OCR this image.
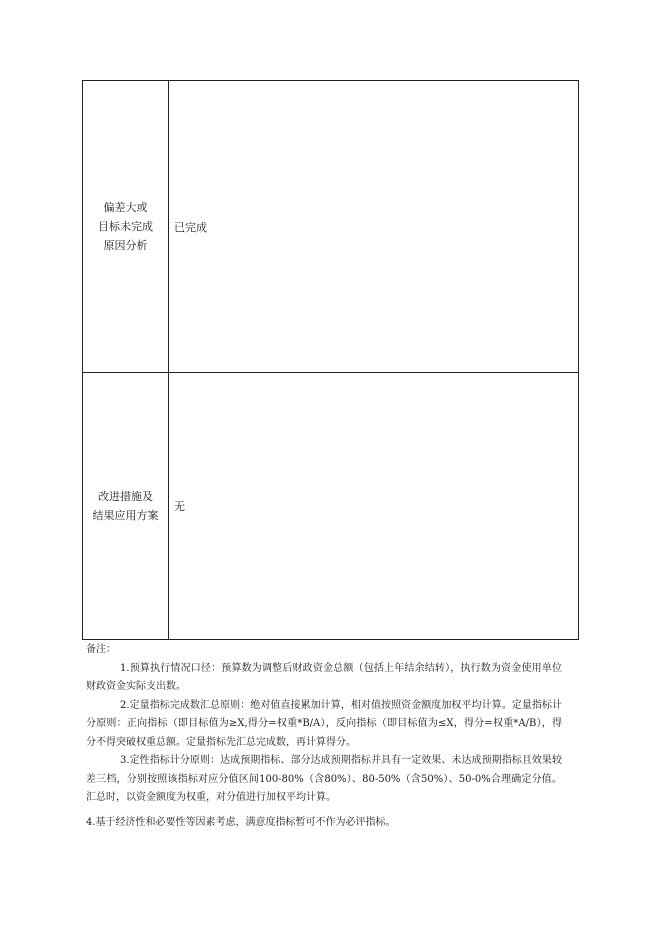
偏差大或
目标未完成
原因分析	已完成

改进措施及
结果应用方案	无

备注：

1.预算执行情况口径：预算数为调整后财政资金总额（包括上年结余结转），执行数为资金使用单位财政资金实际支出数。

2.定量指标完成数汇总原则：绝对值直接累加计算，相对值按照资金额度加权平均计算。定量指标计分原则：正向指标（即目标值为≥X,得分=权重*B/A），反向指标（即目标值为≤X，得分=权重*A/B），得分不得突破权重总额。定量指标先汇总完成数，再计算得分。

3.定性指标计分原则：达成预期指标、部分达成预期指标并具有一定效果、未达成预期指标且效果较差三档，分别按照该指标对应分值区间100-80%（含80%）、80-50%（含50%）、50-0%合理确定分值。汇总时，以资金额度为权重，对分值进行加权平均计算。

4.基于经济性和必要性等因素考虑，满意度指标暂可不作为必评指标。
